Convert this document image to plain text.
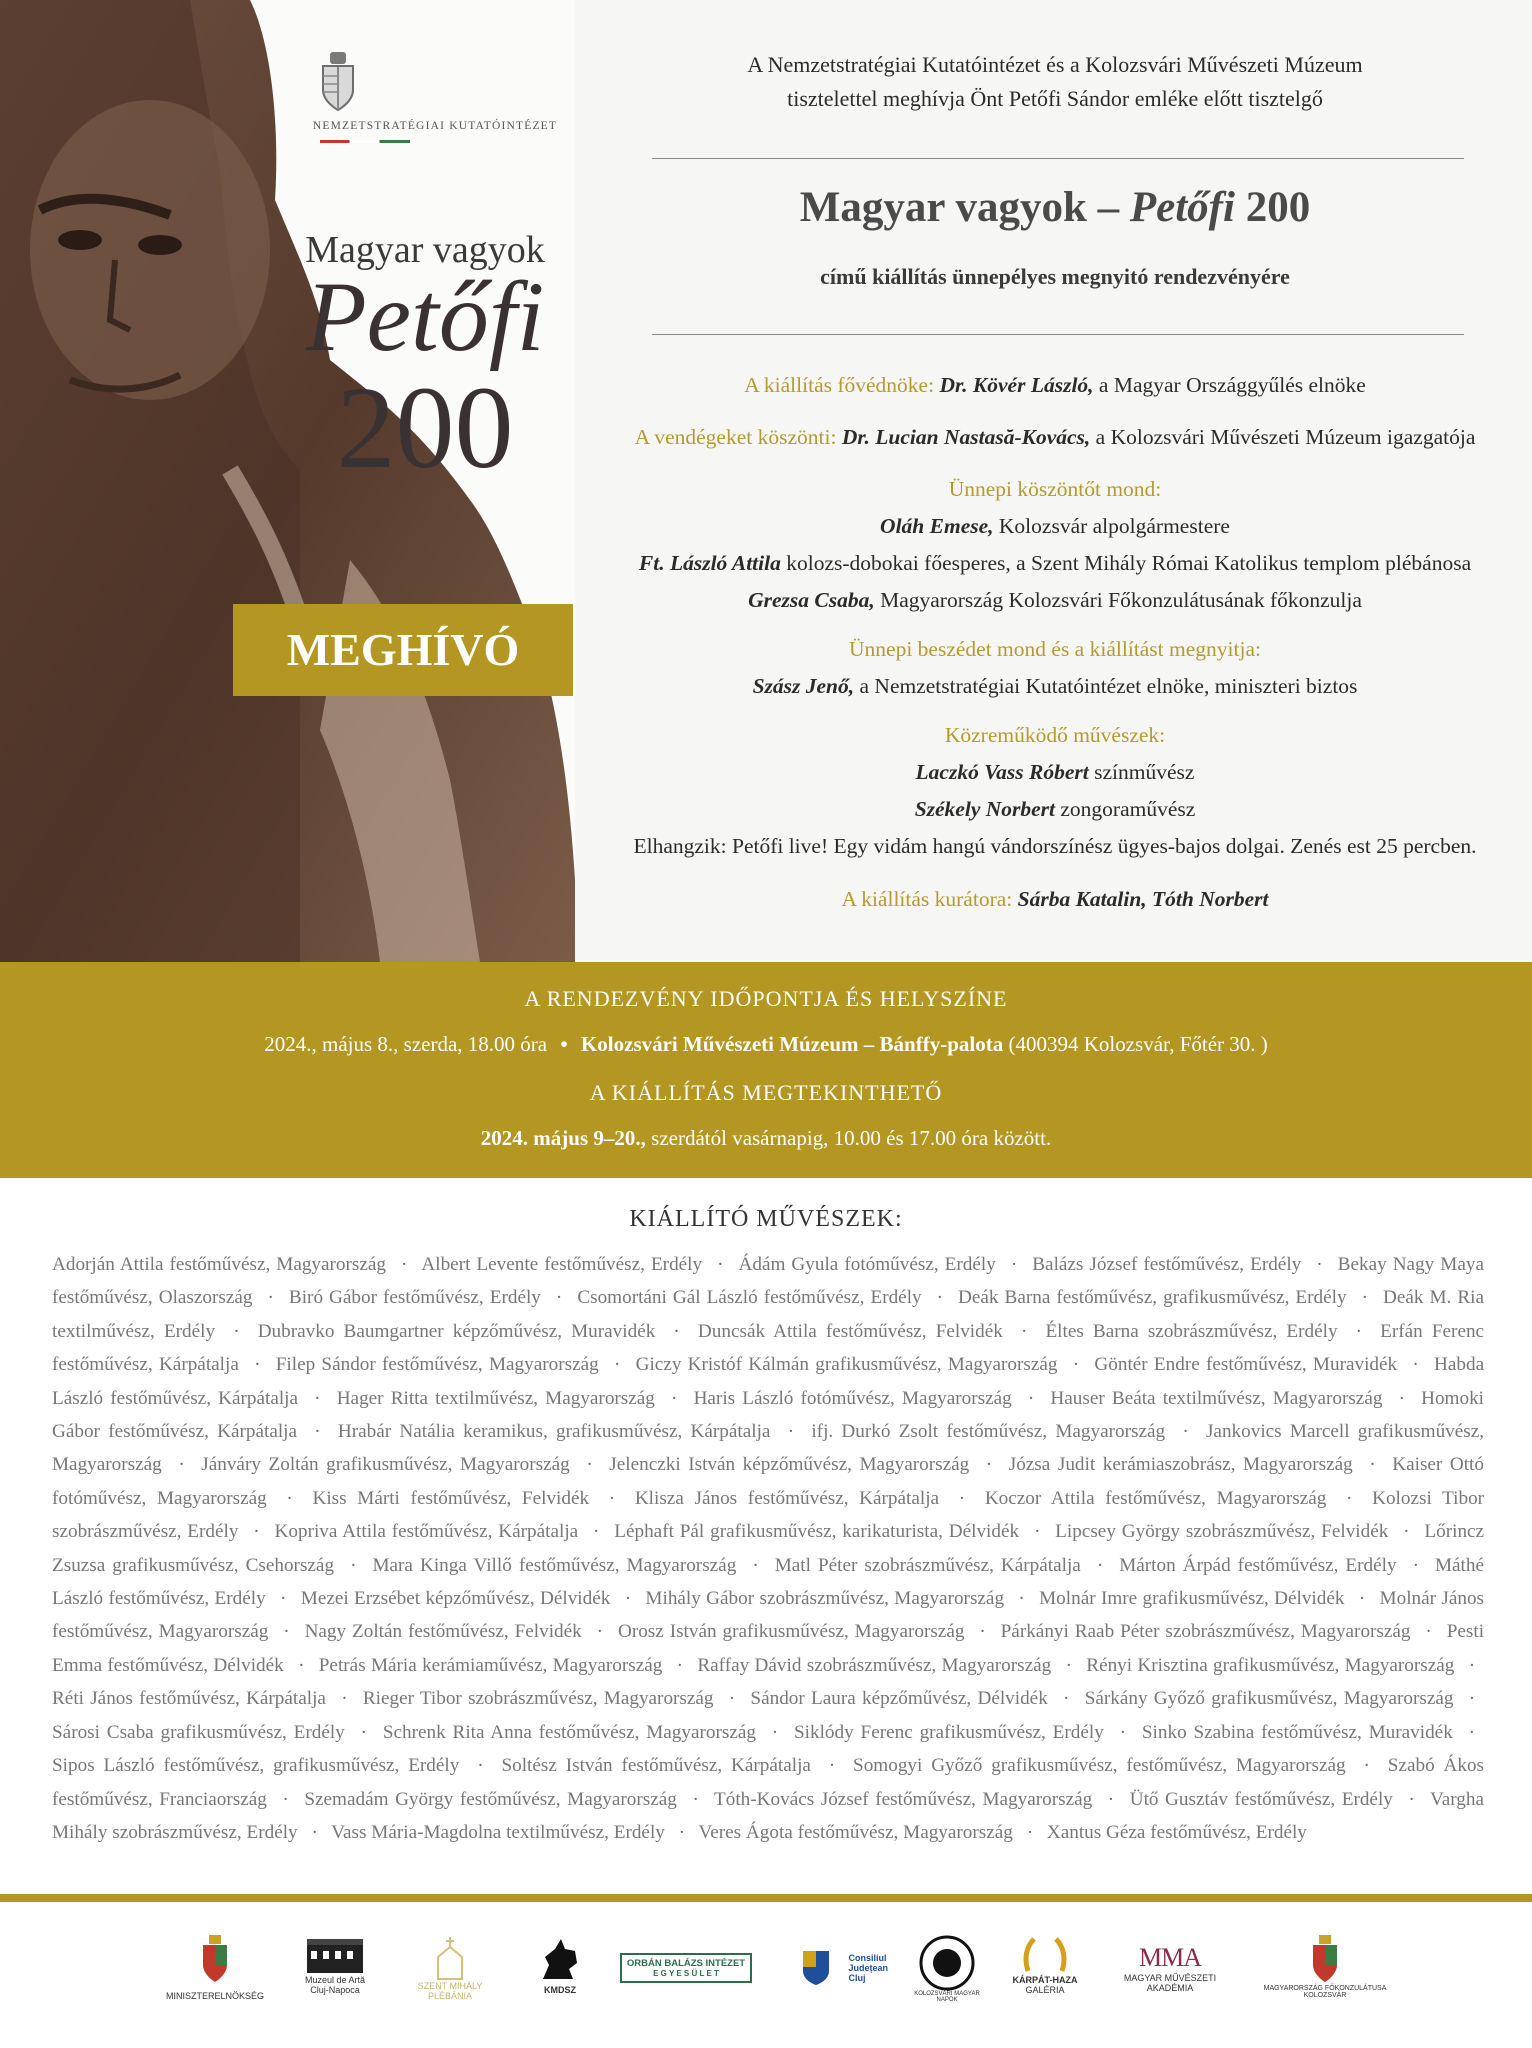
NEMZETSTRATÉGIAI KUTATÓINTÉZET
Magyar vagyok
Petőfi
200
MEGHÍVÓ
A Nemzetstratégiai Kutatóintézet és a Kolozsvári Művészeti Múzeum
tisztelettel meghívja Önt Petőfi Sándor emléke előtt tisztelgő
Magyar vagyok – Petőfi 200
című kiállítás ünnepélyes megnyitó rendezvényére
A kiállítás fővédnöke: Dr. Kövér László, a Magyar Országgyűlés elnöke
A vendégeket köszönti: Dr. Lucian Nastasă-Kovács, a Kolozsvári Művészeti Múzeum igazgatója
Ünnepi köszöntőt mond:
Oláh Emese, Kolozsvár alpolgármestere
Ft. László Attila kolozs-dobokai főesperes, a Szent Mihály Római Katolikus templom plébánosa
Grezsa Csaba, Magyarország Kolozsvári Főkonzulátusának főkonzulja
Ünnepi beszédet mond és a kiállítást megnyitja:
Szász Jenő, a Nemzetstratégiai Kutatóintézet elnöke, miniszteri biztos
Közreműködő művészek:
Laczkó Vass Róbert színművész
Székely Norbert zongoraművész
Elhangzik: Petőfi live! Egy vidám hangú vándorszínész ügyes-bajos dolgai. Zenés est 25 percben.
A kiállítás kurátora: Sárba Katalin, Tóth Norbert
A RENDEZVÉNY IDŐPONTJA ÉS HELYSZÍNE
2024., május 8., szerda, 18.00 óra • Kolozsvári Művészeti Múzeum – Bánffy-palota (400394 Kolozsvár, Főtér 30. )
A KIÁLLÍTÁS MEGTEKINTHETŐ
2024. május 9–20., szerdától vasárnapig, 10.00 és 17.00 óra között.
KIÁLLÍTÓ MŰVÉSZEK:
Adorján Attila festőművész, Magyarország · Albert Levente festőművész, Erdély · Ádám Gyula fotóművész, Erdély · Balázs József festőművész, Erdély · Bekay Nagy Maya festőművész, Olaszország · Biró Gábor festőművész, Erdély · Csomortáni Gál László festőművész, Erdély · Deák Barna festőművész, grafikusművész, Erdély · Deák M. Ria textilművész, Erdély · Dubravko Baumgartner képzőművész, Muravidék · Duncsák Attila festőművész, Felvidék · Éltes Barna szobrászművész, Erdély · Erfán Ferenc festőművész, Kárpátalja · Filep Sándor festőművész, Magyarország · Giczy Kristóf Kálmán grafikusművész, Magyarország · Göntér Endre festőművész, Muravidék · Habda László festőművész, Kárpátalja · Hager Ritta textilművész, Magyarország · Haris László fotóművész, Magyarország · Hauser Beáta textilművész, Magyarország · Homoki Gábor festőművész, Kárpátalja · Hrabár Natália keramikus, grafikusművész, Kárpátalja · ifj. Durkó Zsolt festőművész, Magyarország · Jankovics Marcell grafikusművész, Magyarország · Jánváry Zoltán grafikusművész, Magyarország · Jelenczki István képzőművész, Magyarország · Józsa Judit kerámiaszobrász, Magyarország · Kaiser Ottó fotóművész, Magyarország · Kiss Márti festőművész, Felvidék · Klisza János festőművész, Kárpátalja · Koczor Attila festőművész, Magyarország · Kolozsi Tibor szobrászművész, Erdély · Kopriva Attila festőművész, Kárpátalja · Léphaft Pál grafikusművész, karikaturista, Délvidék · Lipcsey György szobrászművész, Felvidék · Lőrincz Zsuzsa grafikusművész, Csehország · Mara Kinga Villő festőművész, Magyarország · Matl Péter szobrászművész, Kárpátalja · Márton Árpád festőművész, Erdély · Máthé László festőművész, Erdély · Mezei Erzsébet képzőművész, Délvidék · Mihály Gábor szobrászművész, Magyarország · Molnár Imre grafikusművész, Délvidék · Molnár János festőművész, Magyarország · Nagy Zoltán festőművész, Felvidék · Orosz István grafikusművész, Magyarország · Párkányi Raab Péter szobrászművész, Magyarország · Pesti Emma festőművész, Délvidék · Petrás Mária kerámiaművész, Magyarország · Raffay Dávid szobrászművész, Magyarország · Rényi Krisztina grafikusművész, Magyarország · Réti János festőművész, Kárpátalja · Rieger Tibor szobrászművész, Magyarország · Sándor Laura képzőművész, Délvidék · Sárkány Győző grafikusművész, Magyarország · Sárosi Csaba grafikusművész, Erdély · Schrenk Rita Anna festőművész, Magyarország · Siklódy Ferenc grafikusművész, Erdély · Sinko Szabina festőművész, Muravidék · Sipos László festőművész, grafikusművész, Erdély · Soltész István festőművész, Kárpátalja · Somogyi Győző grafikusművész, festőművész, Magyarország · Szabó Ákos festőművész, Franciaország · Szemadám György festőművész, Magyarország · Tóth-Kovács József festőművész, Magyarország · Ütő Gusztáv festőművész, Erdély · Vargha Mihály szobrászművész, Erdély · Vass Mária-Magdolna textilművész, Erdély · Veres Ágota festőművész, Magyarország · Xantus Géza festőművész, Erdély
MINISZTERELNÖKSÉG
Muzeul de Artă
Cluj-Napoca	SZENT MIHÁLY PLÉBÁNIA
KMDSZ
ORBÁN BALÁZS INTÉZET
E G Y E S Ü L E T
Consiliul
Județean
Cluj
KOLOZSVÁRI MAGYAR NAPOK
KÁRPÁT-HAZA
GALÉRIA
MMA
MAGYAR MŰVÉSZETI
AKADÉMIA	MAGYARORSZÁG FŐKONZULÁTUSA
KOLOZSVÁR
